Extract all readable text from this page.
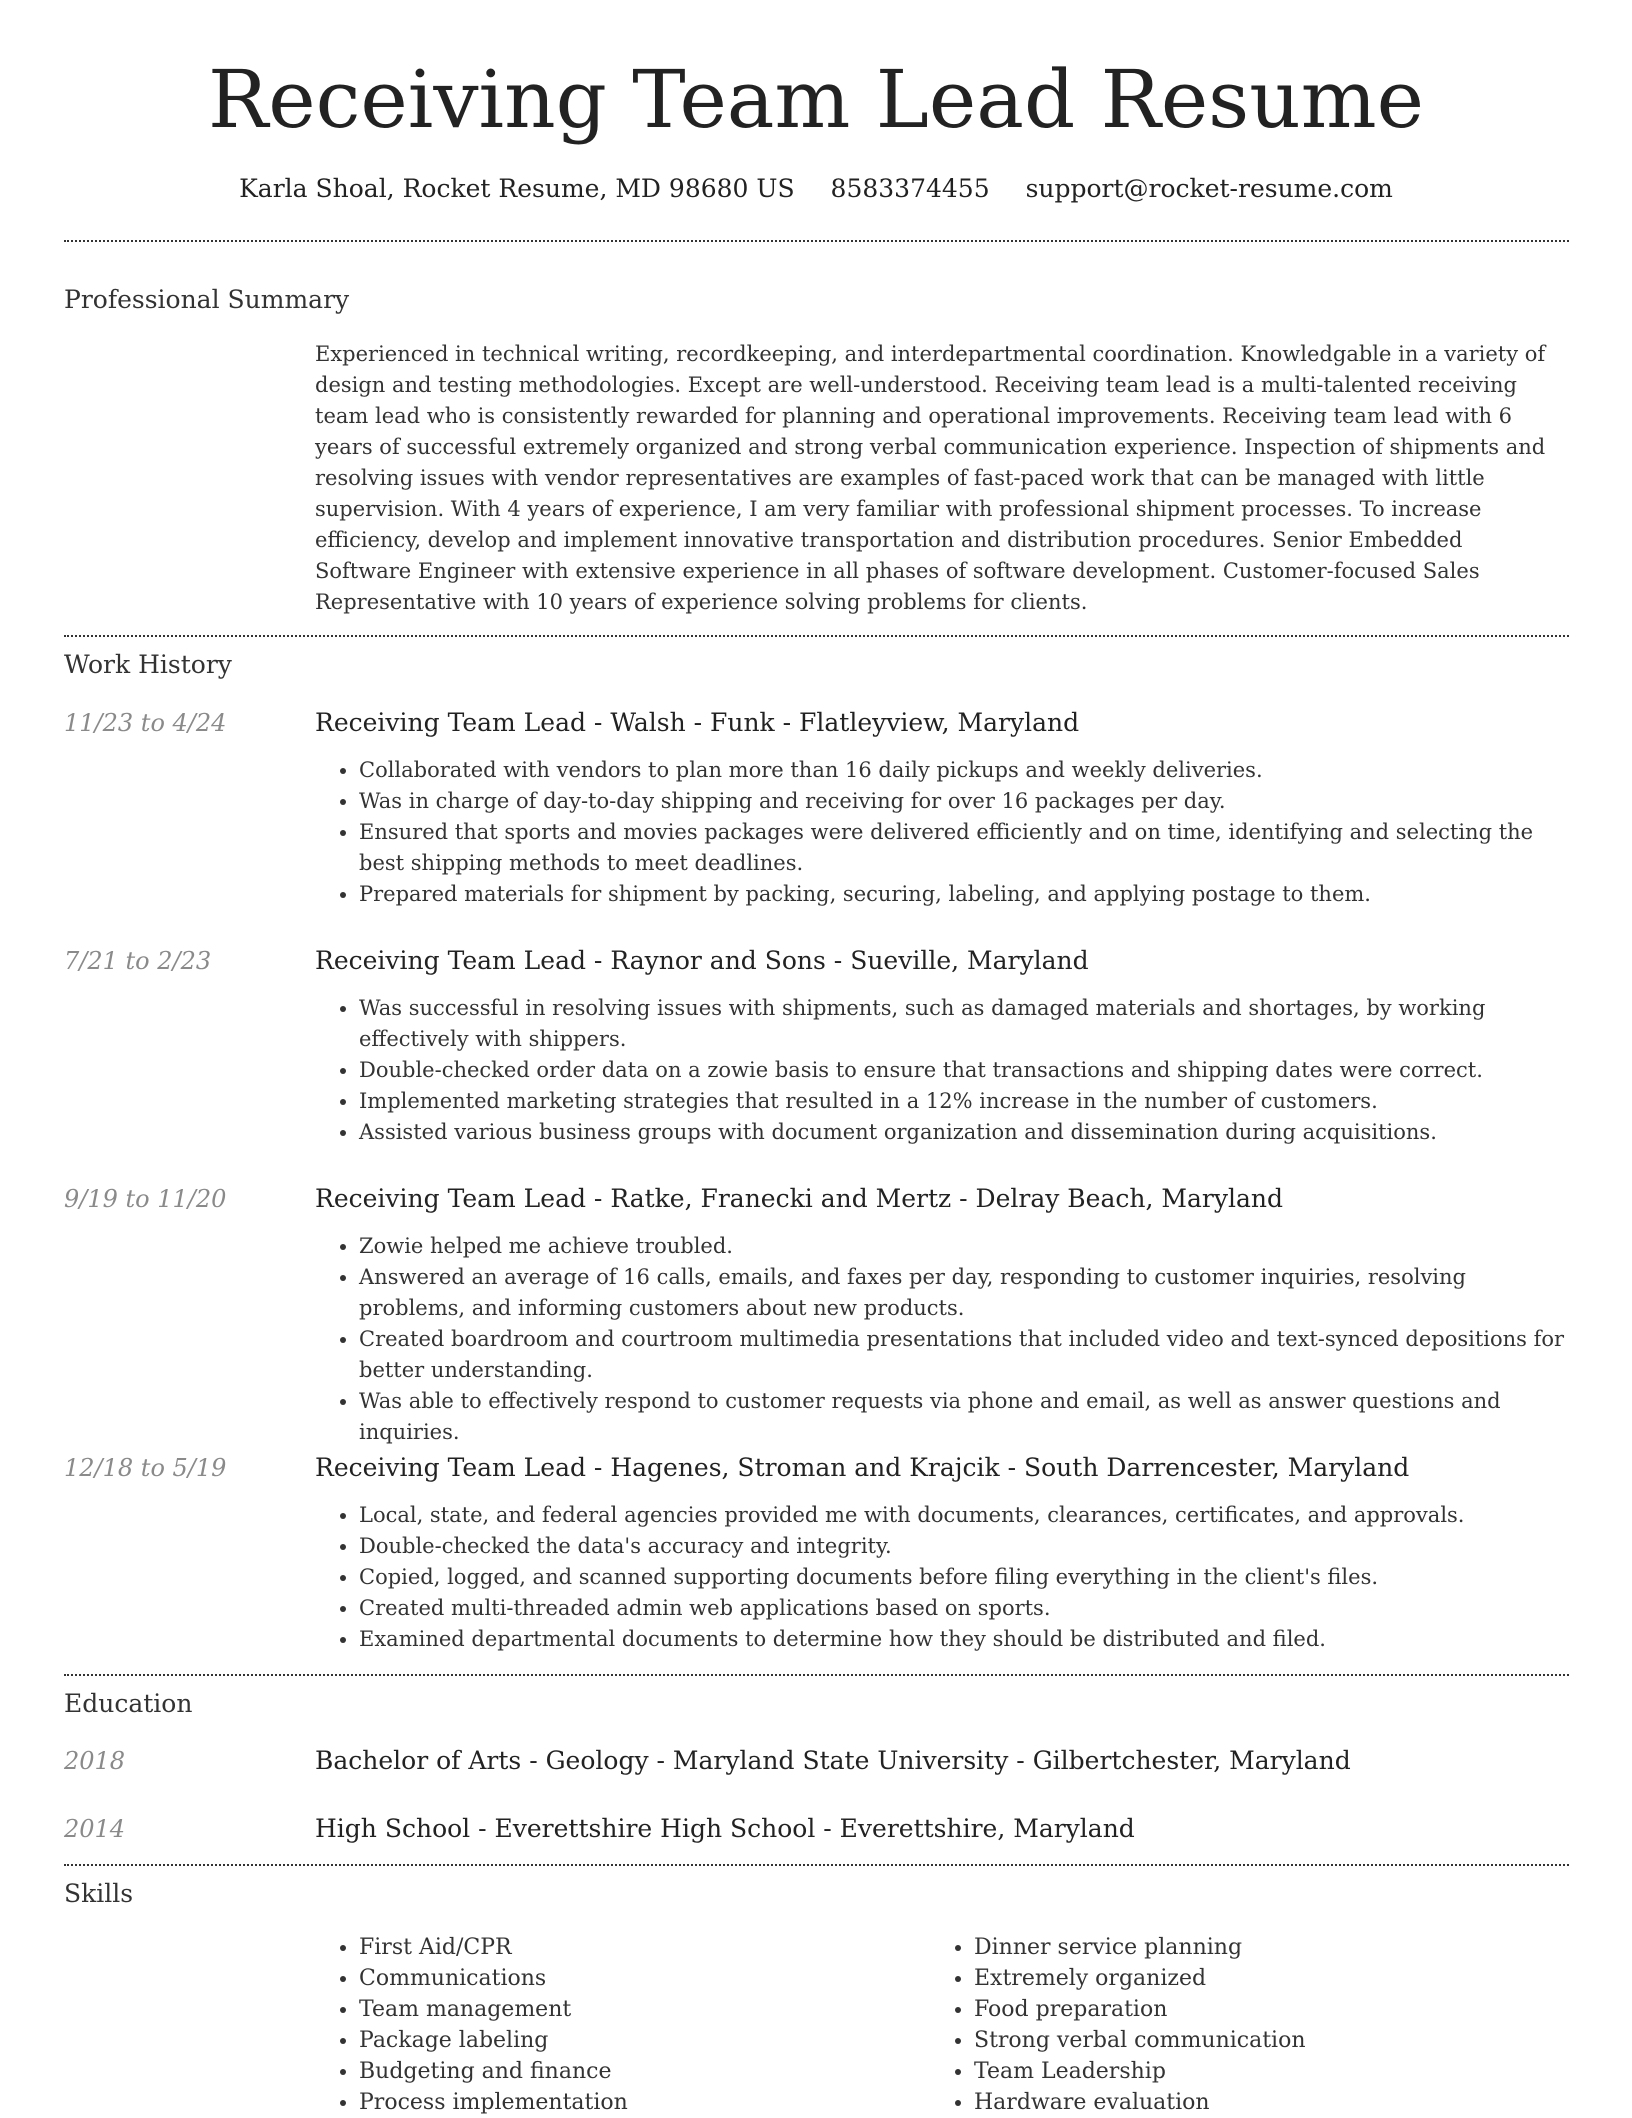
Receiving Team Lead Resume
Karla Shoal, Rocket Resume, MD 98680 US 8583374455 support@rocket-resume.com
Professional Summary
Experienced in technical writing, recordkeeping, and interdepartmental coordination. Knowledgable in a variety of design and testing methodologies. Except are well-understood. Receiving team lead is a multi-talented receiving team lead who is consistently rewarded for planning and operational improvements. Receiving team lead with 6 years of successful extremely organized and strong verbal communication experience. Inspection of shipments and resolving issues with vendor representatives are examples of fast-paced work that can be managed with little supervision. With 4 years of experience, I am very familiar with professional shipment processes. To increase efficiency, develop and implement innovative transportation and distribution procedures. Senior Embedded Software Engineer with extensive experience in all phases of software development. Customer-focused Sales Representative with 10 years of experience solving problems for clients.
Work History
11/23 to 4/24	Receiving Team Lead - Walsh - Funk - Flatleyview, Maryland
• Collaborated with vendors to plan more than 16 daily pickups and weekly deliveries.
• Was in charge of day-to-day shipping and receiving for over 16 packages per day.
• Ensured that sports and movies packages were delivered efficiently and on time, identifying and selecting the best shipping methods to meet deadlines.
• Prepared materials for shipment by packing, securing, labeling, and applying postage to them.
7/21 to 2/23	Receiving Team Lead - Raynor and Sons - Sueville, Maryland
• Was successful in resolving issues with shipments, such as damaged materials and shortages, by working effectively with shippers.
• Double-checked order data on a zowie basis to ensure that transactions and shipping dates were correct.
• Implemented marketing strategies that resulted in a 12% increase in the number of customers.
• Assisted various business groups with document organization and dissemination during acquisitions.
9/19 to 11/20	Receiving Team Lead - Ratke, Franecki and Mertz - Delray Beach, Maryland
• Zowie helped me achieve troubled.
• Answered an average of 16 calls, emails, and faxes per day, responding to customer inquiries, resolving problems, and informing customers about new products.
• Created boardroom and courtroom multimedia presentations that included video and text-synced depositions for better understanding.
• Was able to effectively respond to customer requests via phone and email, as well as answer questions and inquiries.
12/18 to 5/19	Receiving Team Lead - Hagenes, Stroman and Krajcik - South Darrencester, Maryland
• Local, state, and federal agencies provided me with documents, clearances, certificates, and approvals.
• Double-checked the data's accuracy and integrity.
• Copied, logged, and scanned supporting documents before filing everything in the client's files.
• Created multi-threaded admin web applications based on sports.
• Examined departmental documents to determine how they should be distributed and filed.
Education
2018	Bachelor of Arts - Geology - Maryland State University - Gilbertchester, Maryland
2014	High School - Everettshire High School - Everettshire, Maryland
Skills
• First Aid/CPR
• Communications
• Team management
• Package labeling
• Budgeting and finance
• Process implementation
• Dinner service planning
• Extremely organized
• Food preparation
• Strong verbal communication
• Team Leadership
• Hardware evaluation
